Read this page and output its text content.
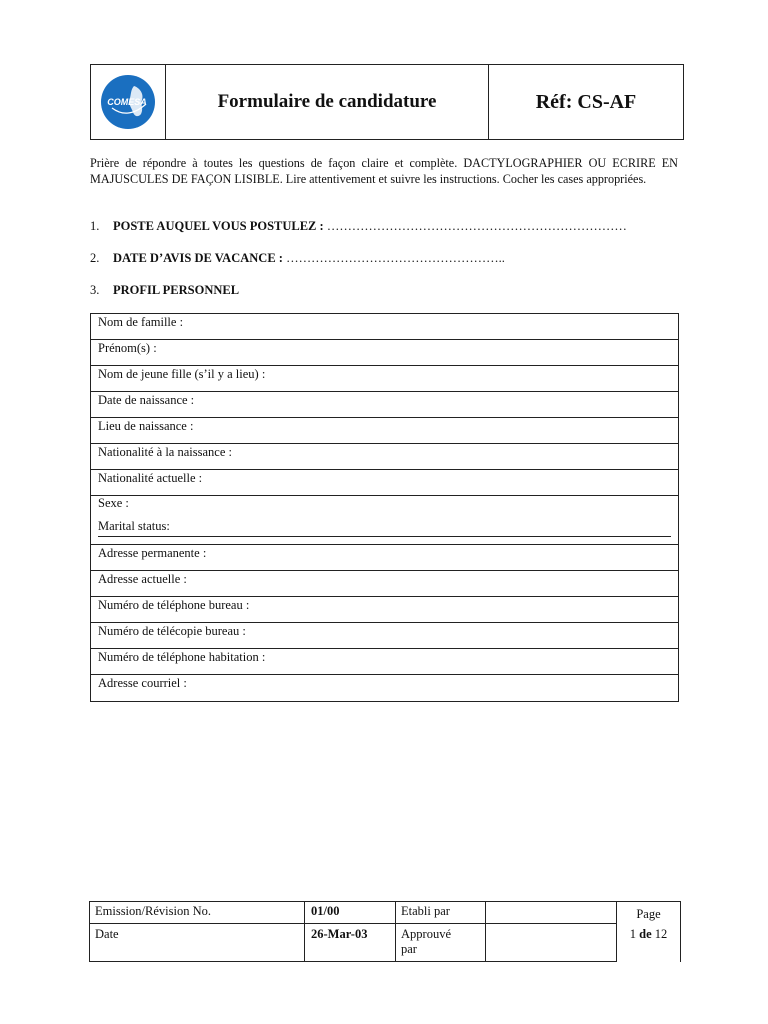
COMESA	Formulaire de candidature	Réf: CS-AF
Prière de répondre à toutes les questions de façon claire et complète. DACTYLOGRAPHIER OU ECRIRE EN MAJUSCULES DE FAÇON LISIBLE. Lire attentivement et suivre les instructions. Cocher les cases appropriées.
1. POSTE AUQUEL VOUS POSTULEZ : ………………………………………………………………
2. DATE D’AVIS DE VACANCE : ……………………………………………..
3. PROFIL PERSONNEL
Nom de famille :
Prénom(s) :
Nom de jeune fille (s’il y a lieu) :
Date de naissance :
Lieu de naissance :
Nationalité à la naissance :
Nationalité actuelle :
Sexe :
Marital status:
Adresse permanente :
Adresse actuelle :
Numéro de téléphone bureau :
Numéro de télécopie bureau :
Numéro de téléphone habitation :
Adresse courriel :
Emission/Révision No.	01/00	Etabli par
Date	26-Mar-03	Approuvé
par
Page
1 de 12
